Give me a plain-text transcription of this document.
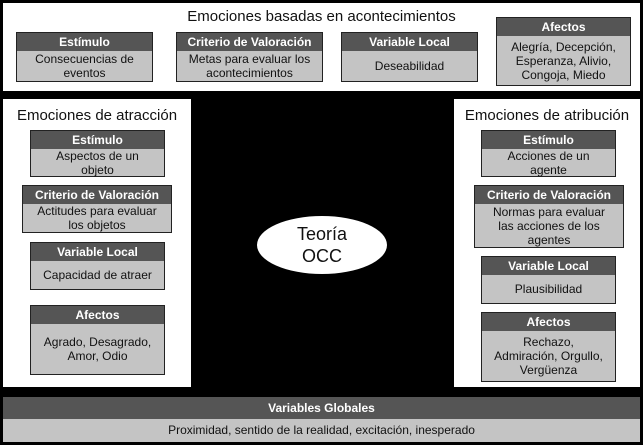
Emociones basadas en acontecimientos
Estímulo
Consecuencias de
eventos
Criterio de Valoración
Metas para evaluar los
acontecimientos
Variable Local
Deseabilidad
Afectos
Alegría, Decepción,
Esperanza, Alivio,
Congoja, Miedo
Emociones de atracción
Estímulo
Aspectos de un
objeto
Criterio de Valoración
Actitudes para evaluar
los objetos
Variable Local
Capacidad de atraer
Afectos
Agrado, Desagrado,
Amor, Odio
Emociones de atribución
Estímulo
Acciones de un
agente
Criterio de Valoración
Normas para evaluar
las acciones de los
agentes
Variable Local
Plausibilidad
Afectos
Rechazo,
Admiración, Orgullo,
Vergüenza
Teoría
OCC
Variables Globales
Proximidad, sentido de la realidad, excitación, inesperado
